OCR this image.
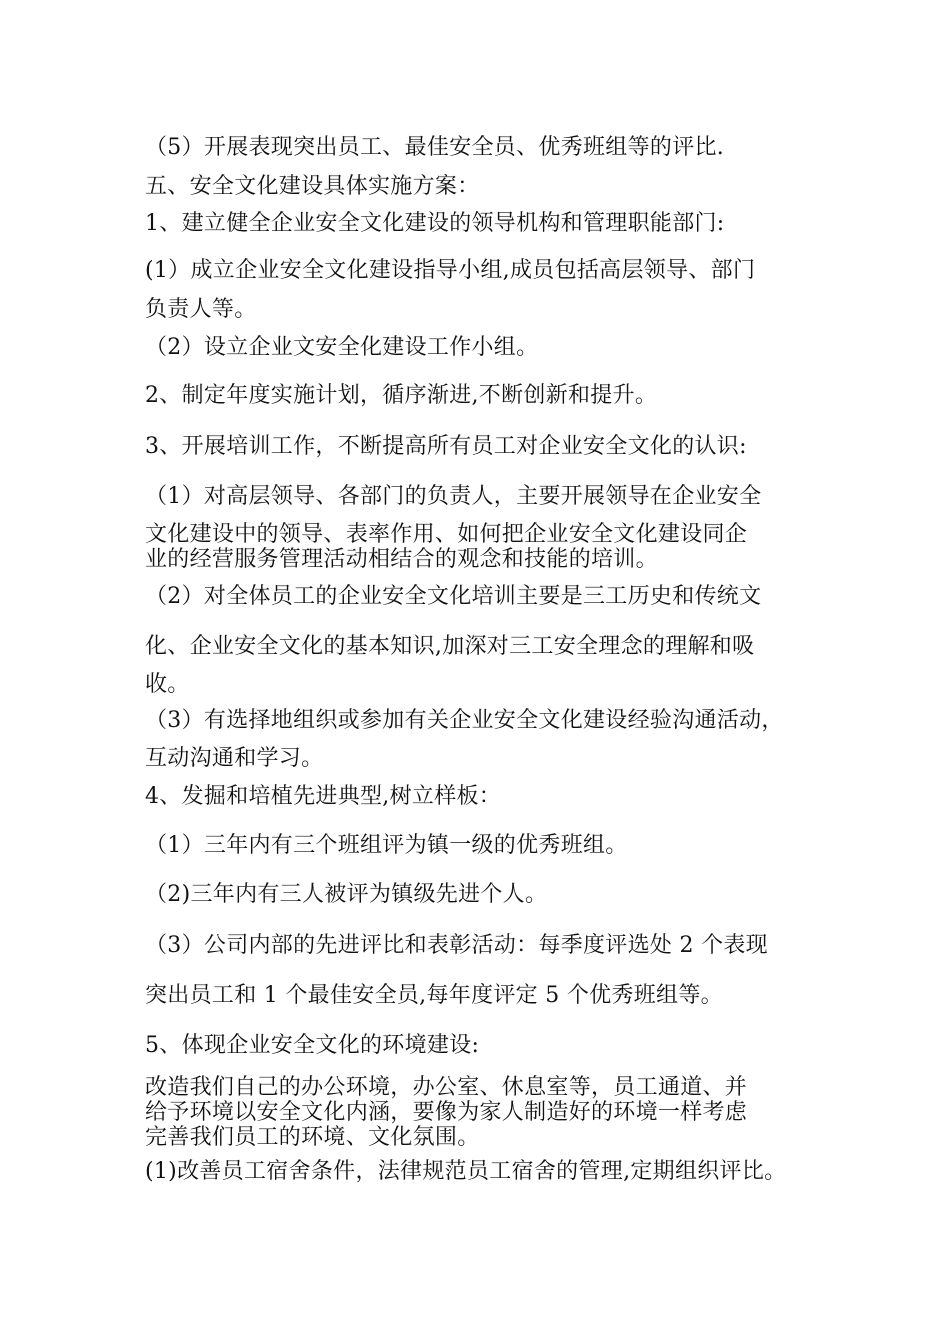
（5）开展表现突出员工、最佳安全员、优秀班组等的评比.

五、安全文化建设具体实施方案：

1、建立健全企业安全文化建设的领导机构和管理职能部门:

(1）成立企业安全文化建设指导小组,成员包括高层领导、部门

负责人等。

（2）设立企业文安全化建设工作小组。

2、制定年度实施计划，循序渐进,不断创新和提升。

3、开展培训工作，不断提高所有员工对企业安全文化的认识:

（1）对高层领导、各部门的负责人，主要开展领导在企业安全

文化建设中的领导、表率作用、如何把企业安全文化建设同企

业的经营服务管理活动相结合的观念和技能的培训。

（2）对全体员工的企业安全文化培训主要是三工历史和传统文

化、企业安全文化的基本知识,加深对三工安全理念的理解和吸

收。

（3）有选择地组织或参加有关企业安全文化建设经验沟通活动，

互动沟通和学习。

4、发掘和培植先进典型,树立样板：

（1）三年内有三个班组评为镇一级的优秀班组。

（2)三年内有三人被评为镇级先进个人。

（3）公司内部的先进评比和表彰活动：每季度评选处 2 个表现

突出员工和 1 个最佳安全员,每年度评定 5 个优秀班组等。

5、体现企业安全文化的环境建设:

改造我们自己的办公环境，办公室、休息室等，员工通道、并

给予环境以安全文化内涵，要像为家人制造好的环境一样考虑

完善我们员工的环境、文化氛围。

(1)改善员工宿舍条件，法律规范员工宿舍的管理,定期组织评比。
